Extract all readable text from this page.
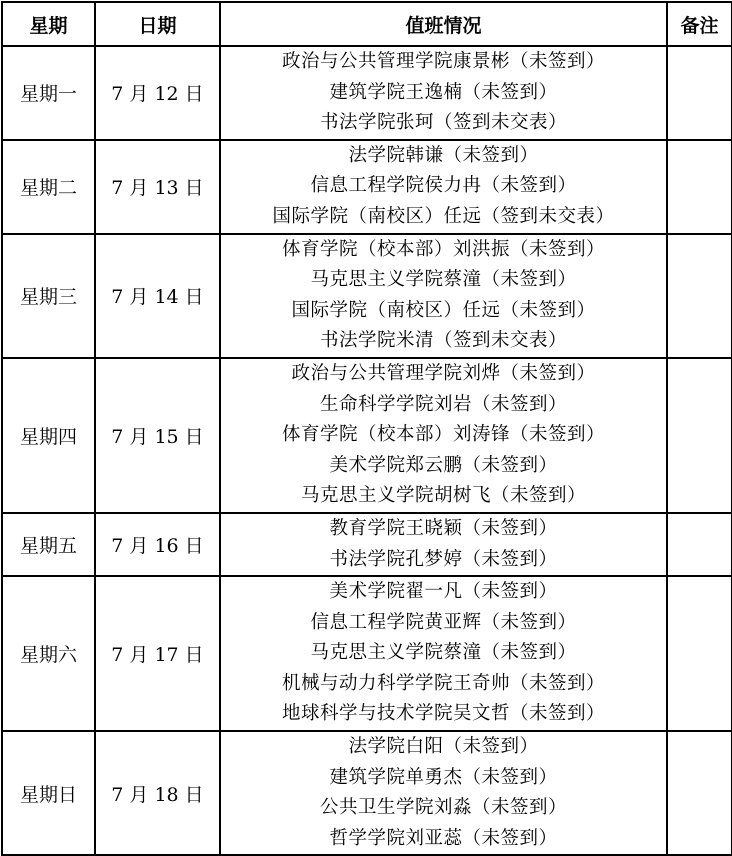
星期	日期	值班情况	备注
星期一	7 月 12 日	政治与公共管理学院康景彬（未签到）
建筑学院王逸楠（未签到）
书法学院张珂（签到未交表）	

星期二	7 月 13 日	法学院韩谦（未签到）
信息工程学院侯力冉（未签到）
国际学院（南校区）任远（签到未交表）	

星期三	7 月 14 日	体育学院（校本部）刘洪振（未签到）
马克思主义学院蔡潼（未签到）
国际学院（南校区）任远（未签到）
书法学院米清（签到未交表）	

星期四	7 月 15 日	政治与公共管理学院刘烨（未签到）
生命科学学院刘岩（未签到）
体育学院（校本部）刘涛锋（未签到）
美术学院郑云鹏（未签到）
马克思主义学院胡树飞（未签到）	

星期五	7 月 16 日	教育学院王晓颖（未签到）
书法学院孔梦婷（未签到）	

星期六	7 月 17 日	美术学院翟一凡（未签到）
信息工程学院黄亚辉（未签到）
马克思主义学院蔡潼（未签到）
机械与动力科学学院王奇帅（未签到）
地球科学与技术学院吴文哲（未签到）	

星期日	7 月 18 日	法学院白阳（未签到）
建筑学院单勇杰（未签到）
公共卫生学院刘淼（未签到）
哲学学院刘亚蕊（未签到）	
